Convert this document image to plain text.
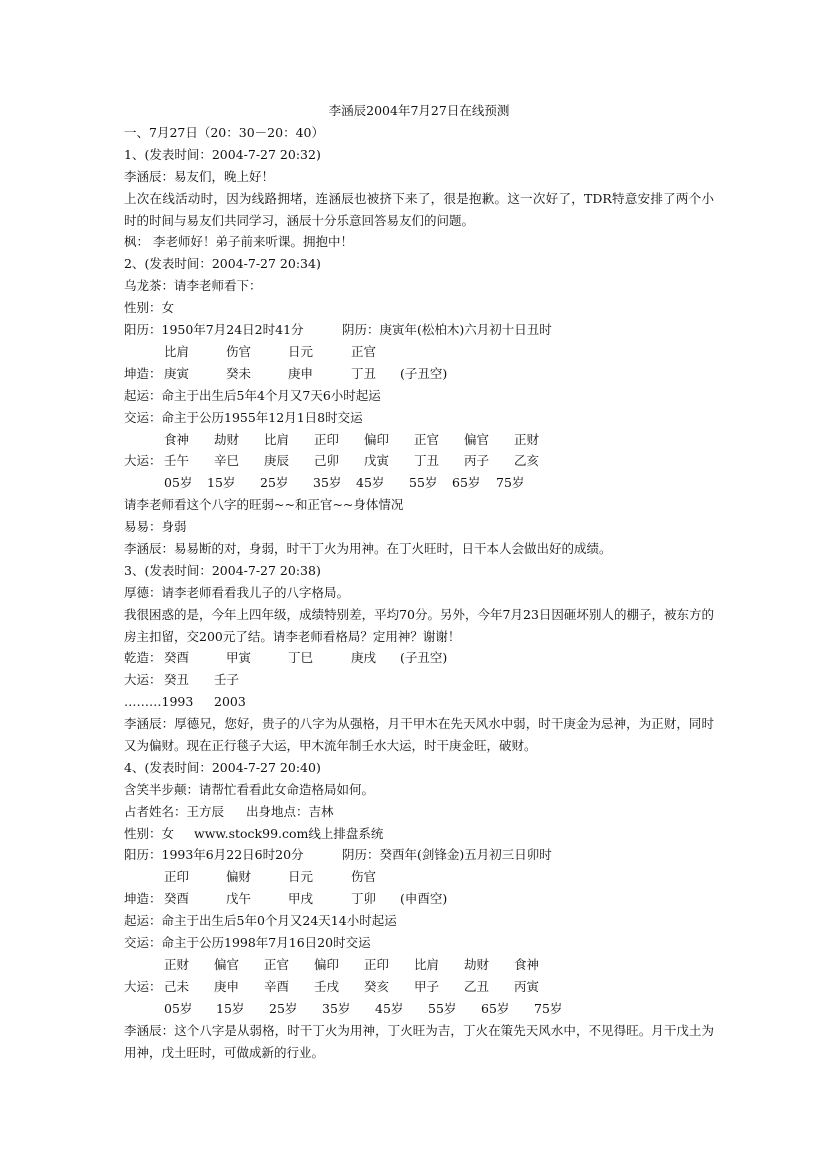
李涵辰2004年7月27日在线预测

一、7月27日（20：30－20：40）

1、(发表时间：2004-7-27 20:32)

李涵辰：易友们，晚上好！

上次在线活动时，因为线路拥堵，连涵辰也被挤下来了，很是抱歉。这一次好了，TDR特意安排了两个小时的时间与易友们共同学习，涵辰十分乐意回答易友们的问题。

枫： 李老师好！弟子前来听课。拥抱中！

2、(发表时间：2004-7-27 20:34)

乌龙茶：请李老师看下：

性别：女

阳历：1950年7月24日2时41分	阴历：庚寅年(松柏木)六月初十日丑时
比肩	伤官	日元	正官
坤造： 庚寅	癸未	庚申	丁丑 (子丑空)

起运：命主于出生后5年4个月又7天6小时起运

交运：命主于公历1955年12月1日8时交运

食神 劫财 比肩 正印 偏印 正官 偏官 正财
大运： 壬午 辛巳 庚辰 己卯 戊寅 丁丑 丙子 乙亥
05岁 15岁 25岁 35岁 45岁 55岁 65岁 75岁

请李老师看这个八字的旺弱~~和正官~~身体情况

易易：身弱

李涵辰：易易断的对，身弱，时干丁火为用神。在丁火旺时，日干本人会做出好的成绩。

3、(发表时间：2004-7-27 20:38)

厚德：请李老师看看我儿子的八字格局。

我很困惑的是，今年上四年级，成绩特别差，平均70分。另外，今年7月23日因砸坏别人的棚子，被东方的房主扣留，交200元了结。请李老师看格局？定用神？谢谢！

乾造： 癸酉	甲寅	丁巳	庚戌 (子丑空)
大运： 癸丑 壬子
………1993 2003

李涵辰：厚德兄，您好，贵子的八字为从强格，月干甲木在先天风水中弱，时干庚金为忌神，为正财，同时又为偏财。现在正行毯子大运，甲木流年制壬水大运，时干庚金旺，破财。

4、(发表时间：2004-7-27 20:40)

含笑半步颠：请帮忙看看此女命造格局如何。

占者姓名：王方辰 出身地点：吉林
性别：女 www.stock99.com线上排盘系统
阳历：1993年6月22日6时20分	阴历：癸酉年(剑锋金)五月初三日卯时
正印	偏财	日元	伤官
坤造： 癸酉	戊午	甲戌	丁卯 (申酉空)

起运：命主于出生后5年0个月又24天14小时起运

交运：命主于公历1998年7月16日20时交运

正财 偏官 正官 偏印 正印 比肩 劫财 食神
大运： 己未 庚申 辛酉 壬戌 癸亥 甲子 乙丑 丙寅
05岁 15岁 25岁 35岁 45岁 55岁 65岁 75岁

李涵辰：这个八字是从弱格，时干丁火为用神，丁火旺为吉，丁火在策先天风水中，不见得旺。月干戊土为用神，戊土旺时，可做成新的行业。
